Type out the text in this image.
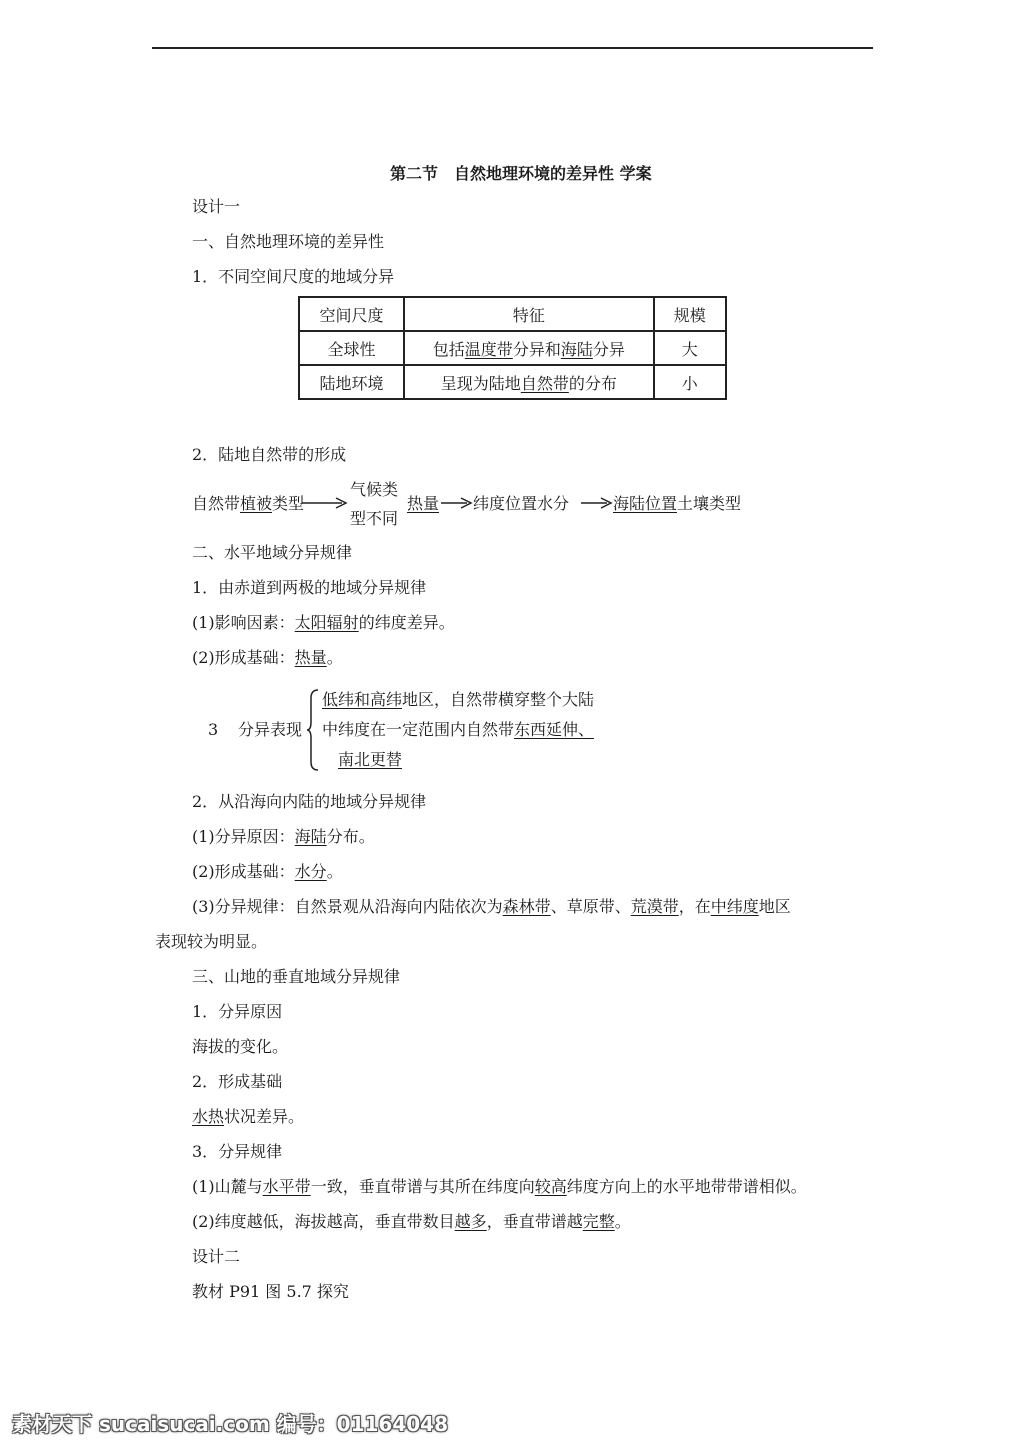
第二节　自然地理环境的差异性 学案
设计一
一、自然地理环境的差异性
1．不同空间尺度的地域分异
空间尺度	特征	规模
全球性	包括温度带分异和海陆分异	大
陆地环境	呈现为陆地自然带的分布	小
2．陆地自然带的形成
自然带植被类型
气候类
型不同
热量 纬度位置水分	海陆位置土壤类型
二、水平地域分异规律
1．由赤道到两极的地域分异规律
(1)影响因素：太阳辐射的纬度差异。
(2)形成基础：热量。
3 分异表现
低纬和高纬地区，自然带横穿整个大陆
中纬度在一定范围内自然带东西延伸、
南北更替
2．从沿海向内陆的地域分异规律
(1)分异原因：海陆分布。
(2)形成基础：水分。
(3)分异规律：自然景观从沿海向内陆依次为森林带、草原带、荒漠带，在中纬度地区
表现较为明显。
三、山地的垂直地域分异规律
1．分异原因
海拔的变化。
2．形成基础
水热状况差异。
3．分异规律
(1)山麓与水平带一致，垂直带谱与其所在纬度向较高纬度方向上的水平地带带谱相似。
(2)纬度越低，海拔越高，垂直带数目越多，垂直带谱越完整。
设计二
教材 P91 图 5.7 探究
素材天下 sucaisucai.com 编号：01164048
